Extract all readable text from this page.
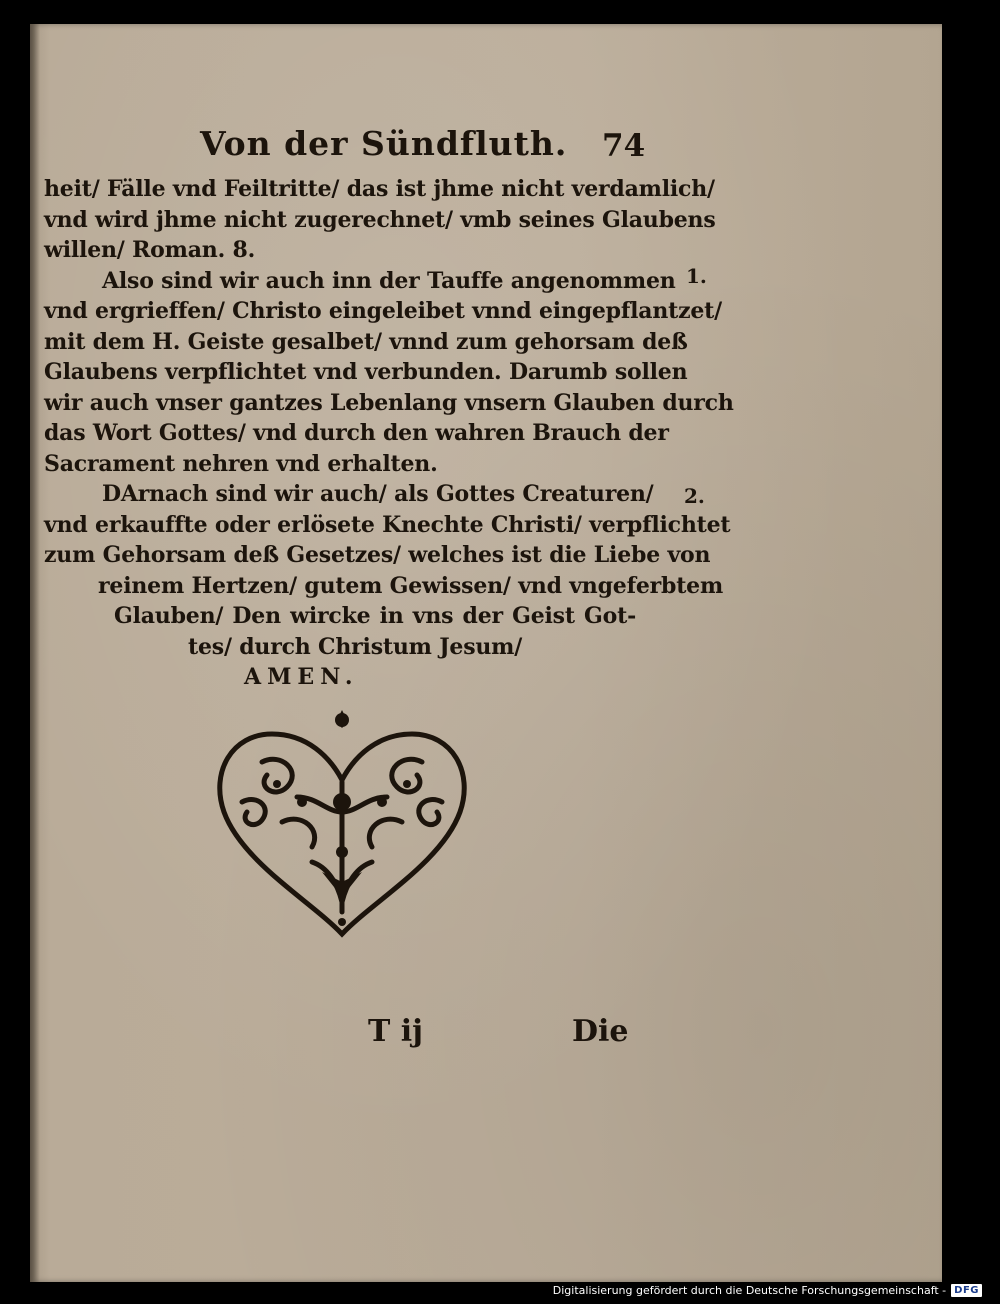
Von der Sündfluth. 74
heit/ Fälle vnd Feiltritte/ das ist jhme nicht verdamlich/
vnd wird jhme nicht zugerechnet/ vmb seines Glaubens
willen/ Roman. 8.
Also sind wir auch inn der Tauffe angenommen
vnd ergrieffen/ Christo eingeleibet vnnd eingepflantzet/
mit dem H. Geiste gesalbet/ vnnd zum gehorsam deß
Glaubens verpflichtet vnd verbunden. Darumb sollen
wir auch vnser gantzes Lebenlang vnsern Glauben durch
das Wort Gottes/ vnd durch den wahren Brauch der
Sacrament nehren vnd erhalten.
DArnach sind wir auch/ als Gottes Creaturen/
vnd erkauffte oder erlösete Knechte Christi/ verpflichtet
zum Gehorsam deß Gesetzes/ welches ist die Liebe von
reinem Hertzen/ gutem Gewissen/ vnd vngeferbtem
Glauben/ Den wircke in vns der Geist Got-
tes/ durch Christum Jesum/
AMEN.
1.
2.
T ij	Die
Digitalisierung gefördert durch die Deutsche Forschungsgemeinschaft - DFG
